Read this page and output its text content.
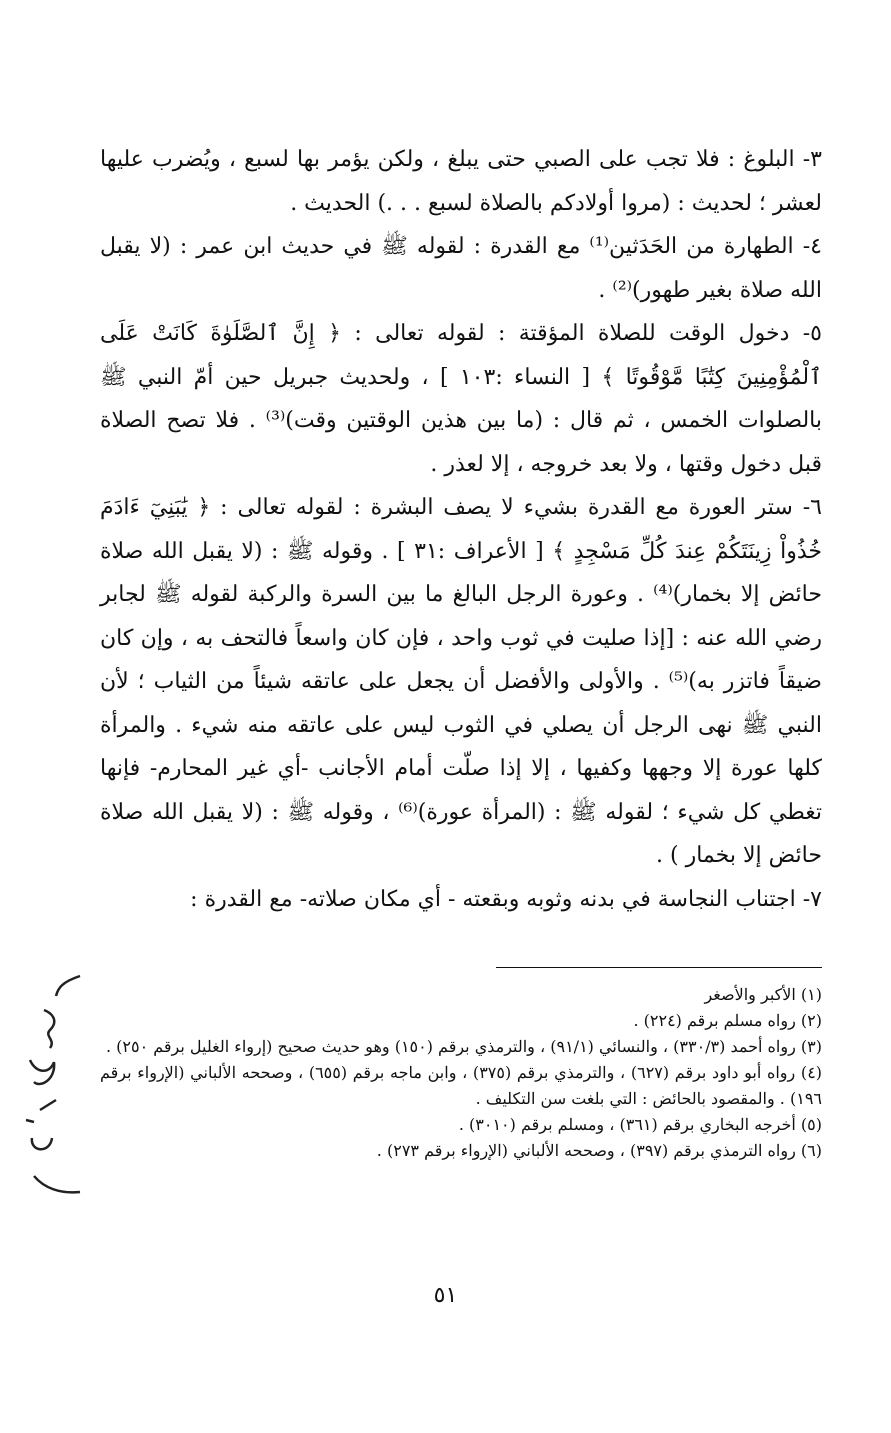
٣- البلوغ : فلا تجب على الصبي حتى يبلغ ، ولكن يؤمر بها لسبع ، ويُضرب عليها لعشر ؛ لحديث : (مروا أولادكم بالصلاة لسبع . . .) الحديث .

٤- الطهارة من الحَدَثين⁽¹⁾ مع القدرة : لقوله ﷺ في حديث ابن عمر : (لا يقبل الله صلاة بغير طهور)⁽²⁾ .

٥- دخول الوقت للصلاة المؤقتة : لقوله تعالى : ﴿ إِنَّ ٱلصَّلَوٰةَ كَانَتْ عَلَى ٱلْمُؤْمِنِينَ كِتَٰبًا مَّوْقُوتًا ﴾ [ النساء :١٠٣ ] ، ولحديث جبريل حين أمّ النبي ﷺ بالصلوات الخمس ، ثم قال : (ما بين هذين الوقتين وقت)⁽³⁾ . فلا تصح الصلاة قبل دخول وقتها ، ولا بعد خروجه ، إلا لعذر .

٦- ستر العورة مع القدرة بشيء لا يصف البشرة : لقوله تعالى : ﴿ يَٰبَنِيٓ ءَادَمَ خُذُواْ زِينَتَكُمْ عِندَ كُلِّ مَسْجِدٍ ﴾ [ الأعراف :٣١ ] . وقوله ﷺ : (لا يقبل الله صلاة حائض إلا بخمار)⁽⁴⁾ . وعورة الرجل البالغ ما بين السرة والركبة لقوله ﷺ لجابر رضي الله عنه : [إذا صليت في ثوب واحد ، فإن كان واسعاً فالتحف به ، وإن كان ضيقاً فاتزر به)⁽⁵⁾ . والأولى والأفضل أن يجعل على عاتقه شيئاً من الثياب ؛ لأن النبي ﷺ نهى الرجل أن يصلي في الثوب ليس على عاتقه منه شيء . والمرأة كلها عورة إلا وجهها وكفيها ، إلا إذا صلّت أمام الأجانب -أي غير المحارم- فإنها تغطي كل شيء ؛ لقوله ﷺ : (المرأة عورة)⁽⁶⁾ ، وقوله ﷺ : (لا يقبل الله صلاة حائض إلا بخمار ) .

٧- اجتناب النجاسة في بدنه وثوبه وبقعته - أي مكان صلاته- مع القدرة :

(١) الأكبر والأصغر

(٢) رواه مسلم برقم (٢٢٤) .

(٣) رواه أحمد (٣٣٠/٣) ، والنسائي (٩١/١) ، والترمذي برقم (١٥٠) وهو حديث صحيح (إرواء الغليل برقم ٢٥٠) .

(٤) رواه أبو داود برقم (٦٢٧) ، والترمذي برقم (٣٧٥) ، وابن ماجه برقم (٦٥٥) ، وصححه الألباني (الإرواء برقم ١٩٦) . والمقصود بالحائض : التي بلغت سن التكليف .

(٥) أخرجه البخاري برقم (٣٦١) ، ومسلم برقم (٣٠١٠) .

(٦) رواه الترمذي برقم (٣٩٧) ، وصححه الألباني (الإرواء برقم ٢٧٣) .

٥١
